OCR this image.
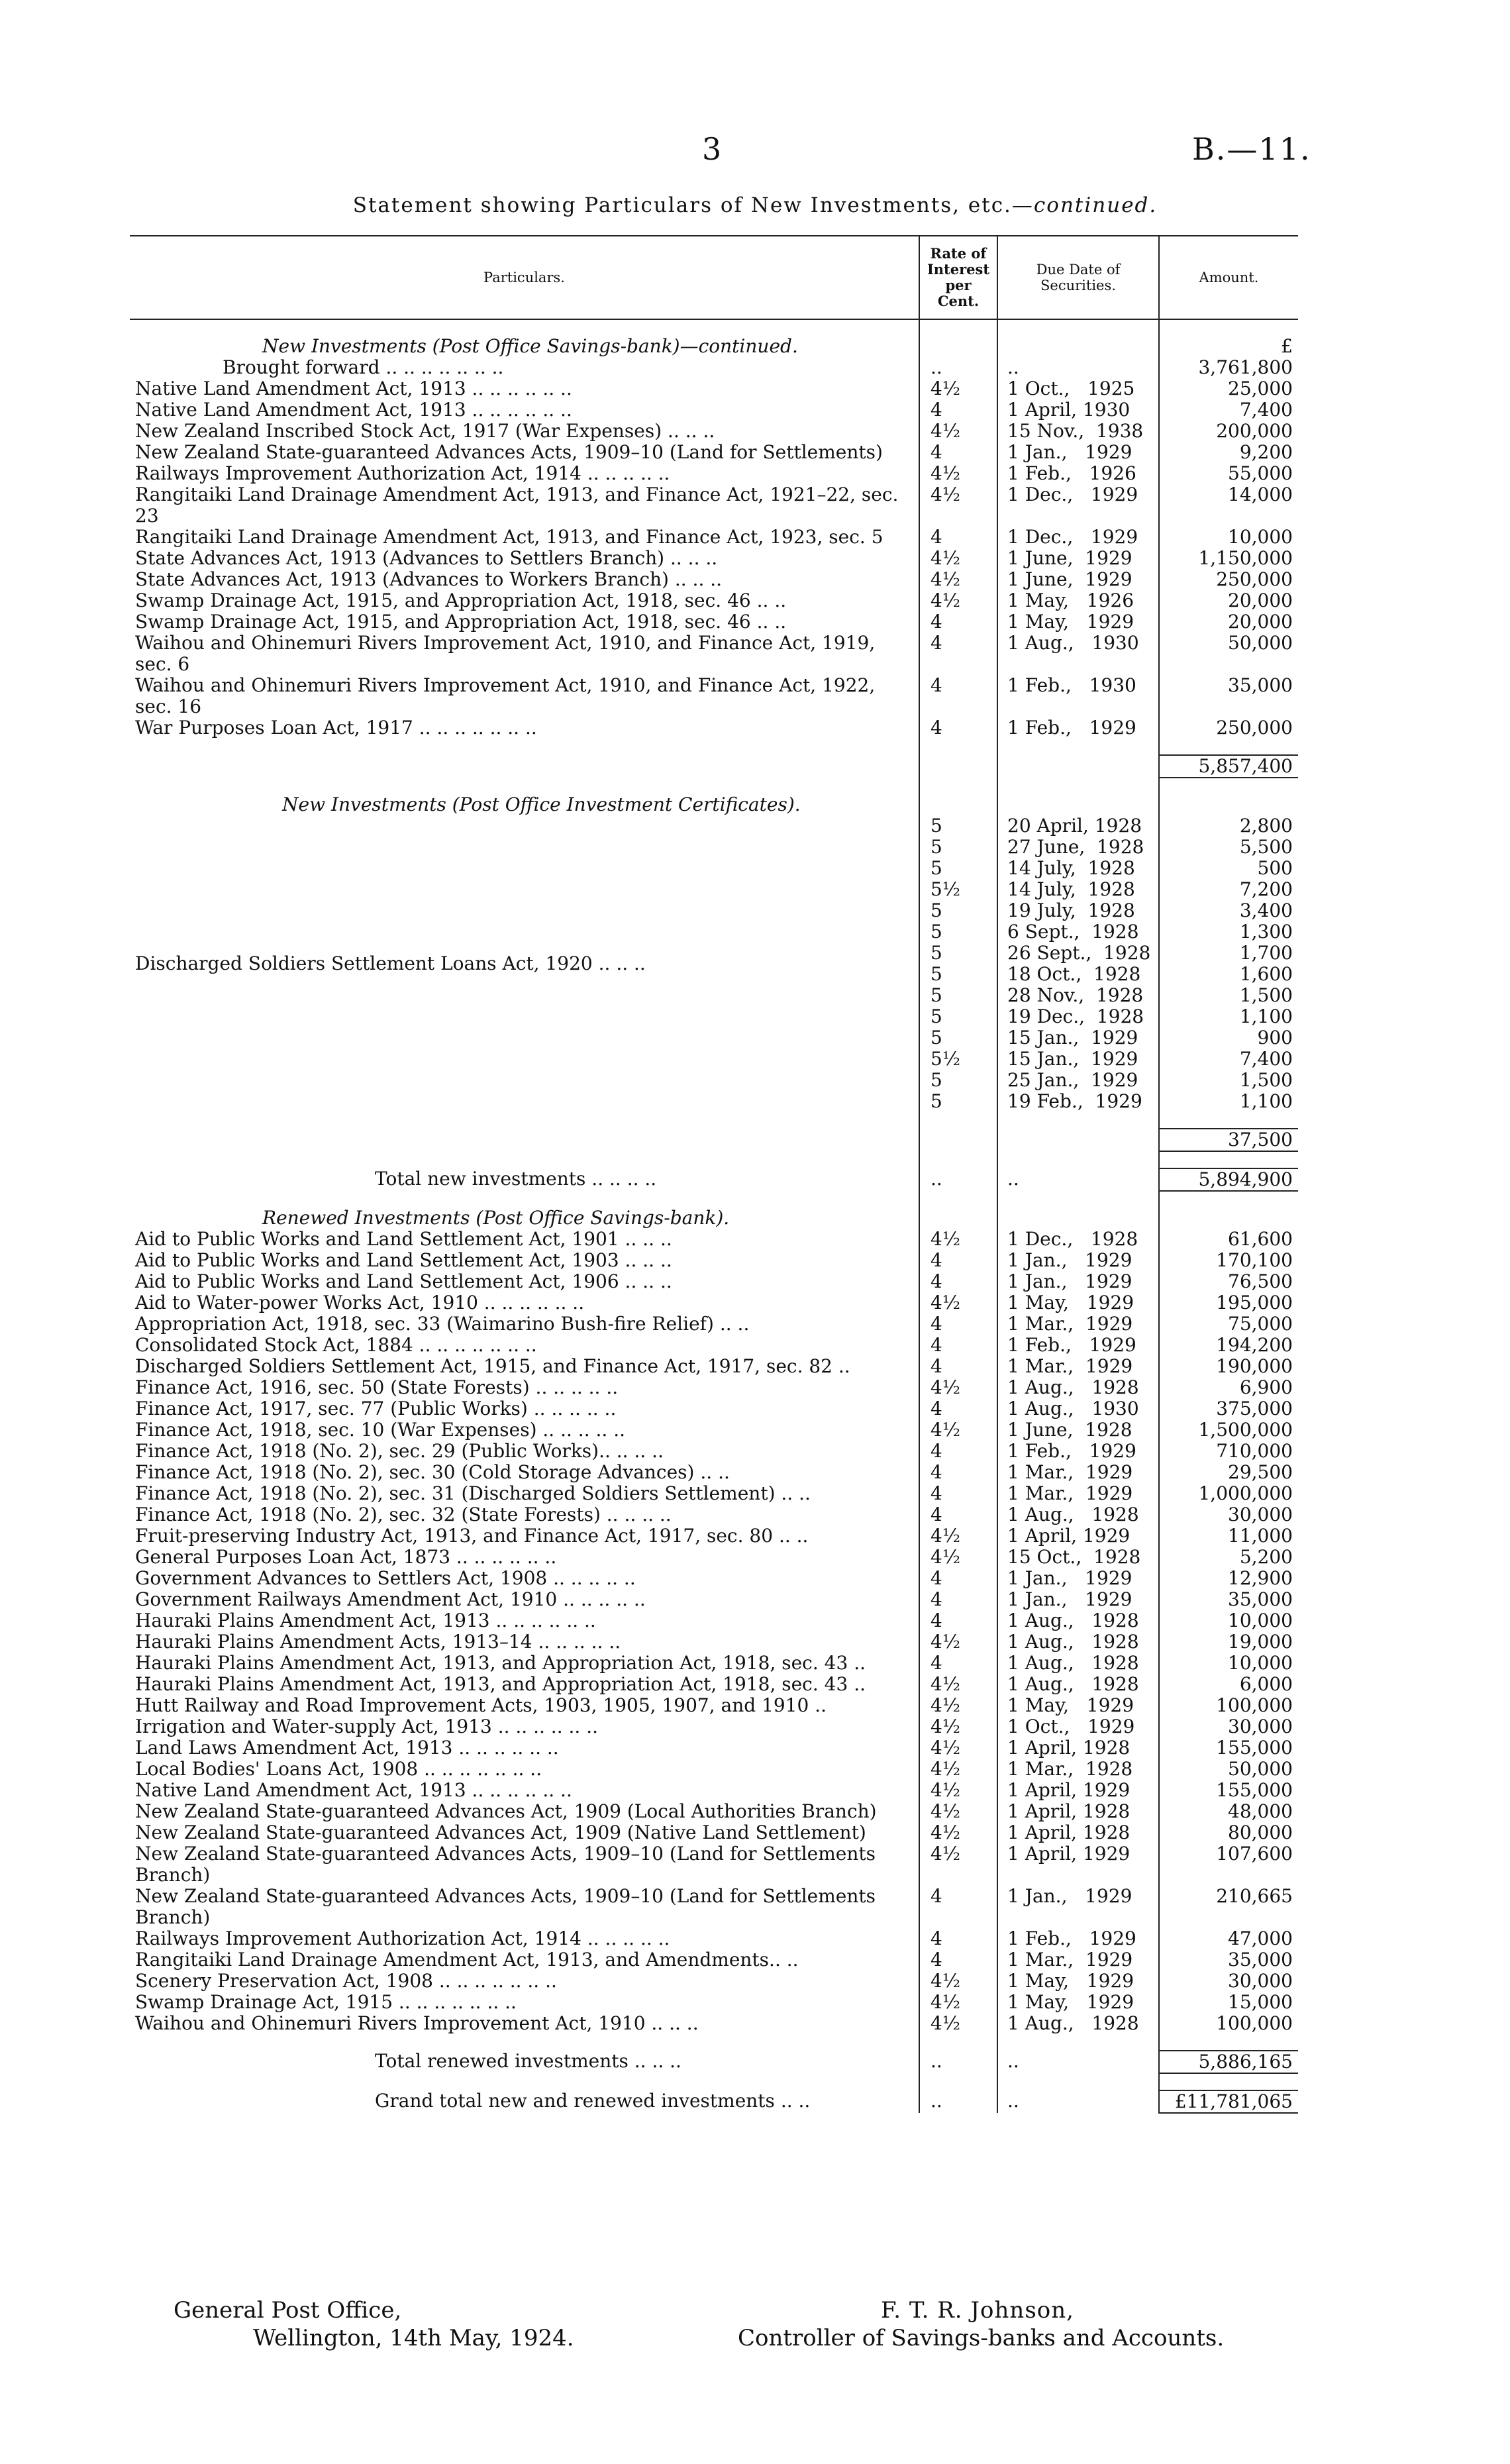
3	B.—11.
Statement showing Particulars of New Investments, etc.—continued.
Particulars.	Rate of Interest per Cent.	Due Date of Securities.	Amount.

New Investments (Post Office Savings-bank)—continued.			£
Brought forward .. .. .. .. .. .. ..	..	..	3,761,800
Native Land Amendment Act, 1913 .. .. .. .. .. ..	4½	1 Oct.,   1925	25,000
Native Land Amendment Act, 1913 .. .. .. .. .. ..	4	1 April, 1930	7,400
New Zealand Inscribed Stock Act, 1917 (War Expenses) .. .. ..	4½	15 Nov.,  1938	200,000
New Zealand State-guaranteed Advances Acts, 1909–10 (Land for Settlements)	4	1 Jan.,   1929	9,200
Railways Improvement Authorization Act, 1914 .. .. .. .. ..	4½	1 Feb.,   1926	55,000
Rangitaiki Land Drainage Amendment Act, 1913, and Finance Act, 1921–22, sec. 23	4½	1 Dec.,   1929	14,000
Rangitaiki Land Drainage Amendment Act, 1913, and Finance Act, 1923, sec. 5	4	1 Dec.,   1929	10,000
State Advances Act, 1913 (Advances to Settlers Branch) .. .. ..	4½	1 June,  1929	1,150,000
State Advances Act, 1913 (Advances to Workers Branch) .. .. ..	4½	1 June,  1929	250,000
Swamp Drainage Act, 1915, and Appropriation Act, 1918, sec. 46 .. ..	4½	1 May,   1926	20,000
Swamp Drainage Act, 1915, and Appropriation Act, 1918, sec. 46 .. ..	4	1 May,   1929	20,000
Waihou and Ohinemuri Rivers Improvement Act, 1910, and Finance Act, 1919, sec. 6	4	1 Aug.,   1930	50,000
Waihou and Ohinemuri Rivers Improvement Act, 1910, and Finance Act, 1922, sec. 16	4	1 Feb.,   1930	35,000
War Purposes Loan Act, 1917 .. .. .. .. .. .. ..	4	1 Feb.,   1929	250,000

			5,857,400

New Investments (Post Office Investment Certificates).			
Discharged Soldiers Settlement Loans Act, 1920 .. .. ..	5	20 April, 1928	2,800
	5	27 June,  1928	5,500
	5	14 July,  1928	500
	5½	14 July,  1928	7,200
	5	19 July,  1928	3,400
	5	6 Sept.,  1928	1,300
	5	26 Sept.,  1928	1,700
	5	18 Oct.,  1928	1,600
	5	28 Nov.,  1928	1,500
	5	19 Dec.,  1928	1,100
	5	15 Jan.,  1929	900
	5½	15 Jan.,  1929	7,400
	5	25 Jan.,  1929	1,500
	5	19 Feb.,  1929	1,100

			37,500

Total new investments .. .. .. ..	..	..	5,894,900

Renewed Investments (Post Office Savings-bank).			
Aid to Public Works and Land Settlement Act, 1901 .. .. ..	4½	1 Dec.,   1928	61,600
Aid to Public Works and Land Settlement Act, 1903 .. .. ..	4	1 Jan.,   1929	170,100
Aid to Public Works and Land Settlement Act, 1906 .. .. ..	4	1 Jan.,   1929	76,500
Aid to Water-power Works Act, 1910 .. .. .. .. .. ..	4½	1 May,   1929	195,000
Appropriation Act, 1918, sec. 33 (Waimarino Bush-fire Relief) .. ..	4	1 Mar.,  1929	75,000
Consolidated Stock Act, 1884 .. .. .. .. .. .. ..	4	1 Feb.,   1929	194,200
Discharged Soldiers Settlement Act, 1915, and Finance Act, 1917, sec. 82 ..	4	1 Mar.,  1929	190,000
Finance Act, 1916, sec. 50 (State Forests) .. .. .. .. ..	4½	1 Aug.,   1928	6,900
Finance Act, 1917, sec. 77 (Public Works) .. .. .. .. ..	4	1 Aug.,   1930	375,000
Finance Act, 1918, sec. 10 (War Expenses) .. .. .. .. ..	4½	1 June,  1928	1,500,000
Finance Act, 1918 (No. 2), sec. 29 (Public Works).. .. .. ..	4	1 Feb.,   1929	710,000
Finance Act, 1918 (No. 2), sec. 30 (Cold Storage Advances) .. ..	4	1 Mar.,  1929	29,500
Finance Act, 1918 (No. 2), sec. 31 (Discharged Soldiers Settlement) .. ..	4	1 Mar.,  1929	1,000,000
Finance Act, 1918 (No. 2), sec. 32 (State Forests) .. .. .. ..	4	1 Aug.,   1928	30,000
Fruit-preserving Industry Act, 1913, and Finance Act, 1917, sec. 80 .. ..	4½	1 April, 1929	11,000
General Purposes Loan Act, 1873 .. .. .. .. .. ..	4½	15 Oct.,  1928	5,200
Government Advances to Settlers Act, 1908 .. .. .. .. ..	4	1 Jan.,   1929	12,900
Government Railways Amendment Act, 1910 .. .. .. .. ..	4	1 Jan.,   1929	35,000
Hauraki Plains Amendment Act, 1913 .. .. .. .. .. ..	4	1 Aug.,   1928	10,000
Hauraki Plains Amendment Acts, 1913–14 .. .. .. .. ..	4½	1 Aug.,   1928	19,000
Hauraki Plains Amendment Act, 1913, and Appropriation Act, 1918, sec. 43 ..	4	1 Aug.,   1928	10,000
Hauraki Plains Amendment Act, 1913, and Appropriation Act, 1918, sec. 43 ..	4½	1 Aug.,   1928	6,000
Hutt Railway and Road Improvement Acts, 1903, 1905, 1907, and 1910 ..	4½	1 May,   1929	100,000
Irrigation and Water-supply Act, 1913 .. .. .. .. .. ..	4½	1 Oct.,   1929	30,000
Land Laws Amendment Act, 1913 .. .. .. .. .. ..	4½	1 April, 1928	155,000
Local Bodies' Loans Act, 1908 .. .. .. .. .. .. ..	4½	1 Mar.,  1928	50,000
Native Land Amendment Act, 1913 .. .. .. .. .. ..	4½	1 April, 1929	155,000
New Zealand State-guaranteed Advances Act, 1909 (Local Authorities Branch)	4½	1 April, 1928	48,000
New Zealand State-guaranteed Advances Act, 1909 (Native Land Settlement)	4½	1 April, 1928	80,000
New Zealand State-guaranteed Advances Acts, 1909–10 (Land for Settlements Branch)	4½	1 April, 1929	107,600
New Zealand State-guaranteed Advances Acts, 1909–10 (Land for Settlements Branch)	4	1 Jan.,   1929	210,665
Railways Improvement Authorization Act, 1914 .. .. .. .. ..	4	1 Feb.,   1929	47,000
Rangitaiki Land Drainage Amendment Act, 1913, and Amendments.. ..	4	1 Mar.,  1929	35,000
Scenery Preservation Act, 1908 .. .. .. .. .. .. ..	4½	1 May,   1929	30,000
Swamp Drainage Act, 1915 .. .. .. .. .. .. ..	4½	1 May,   1929	15,000
Waihou and Ohinemuri Rivers Improvement Act, 1910 .. .. ..	4½	1 Aug.,   1928	100,000

Total renewed investments .. .. ..	..	..	5,886,165

Grand total new and renewed investments .. ..	..	..	£11,781,065
General Post Office,
Wellington, 14th May, 1924.
F. T. R. Johnson,
Controller of Savings-banks and Accounts.
